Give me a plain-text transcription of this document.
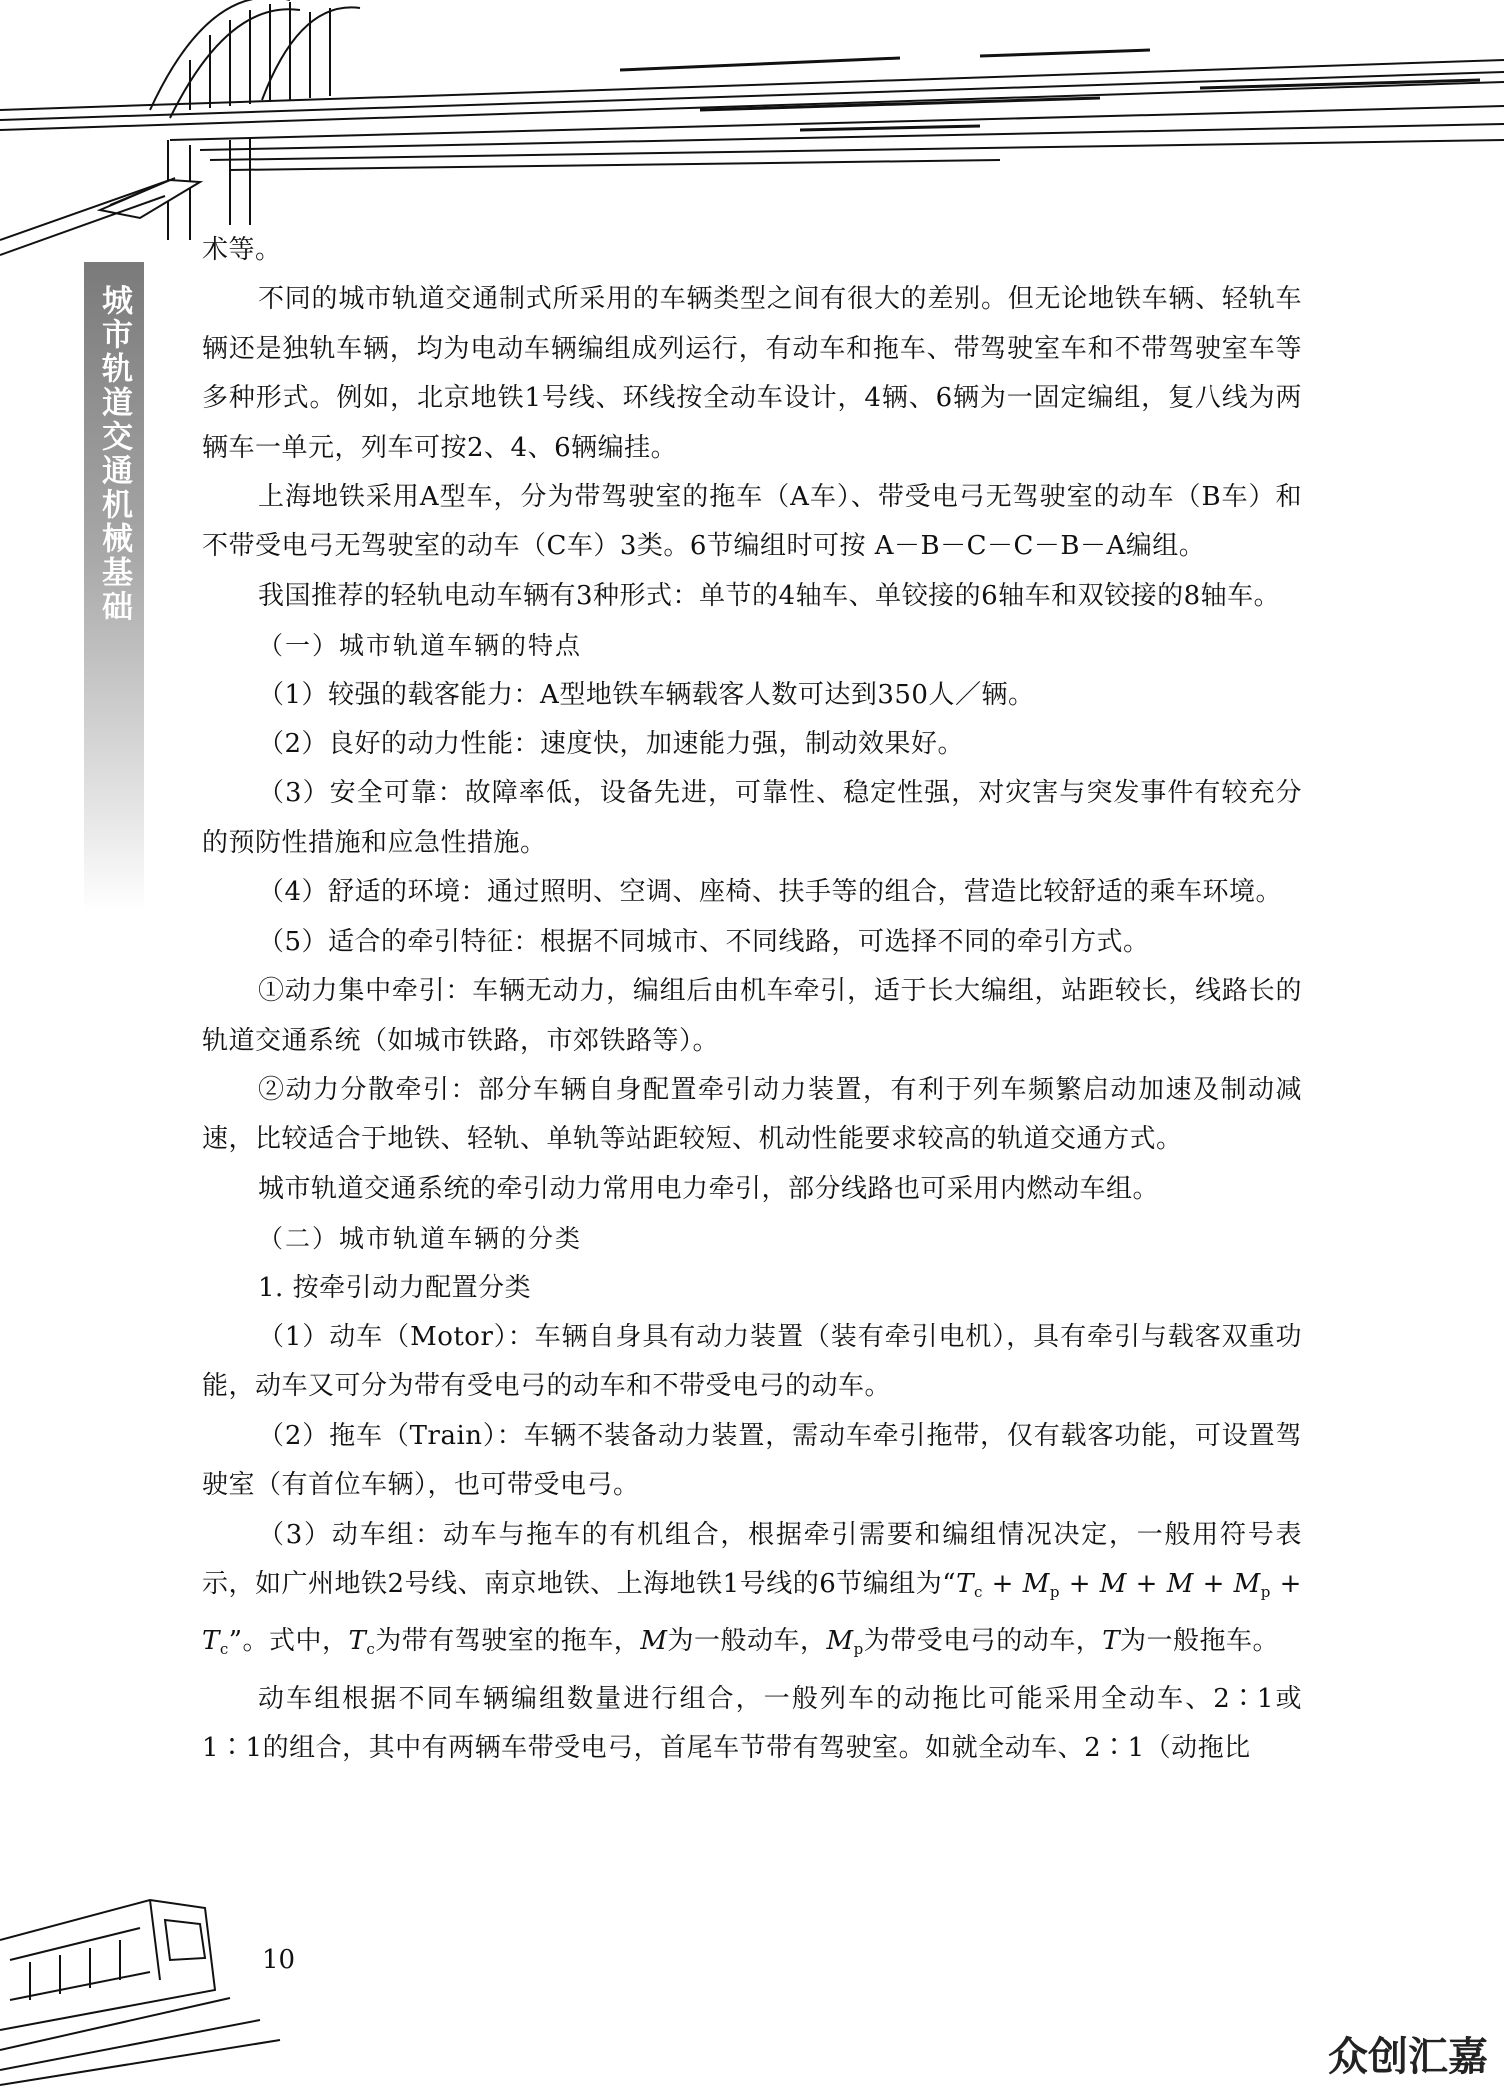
城市轨道交通机械基础

术等。

不同的城市轨道交通制式所采用的车辆类型之间有很大的差别。但无论地铁车辆、轻轨车辆还是独轨车辆，均为电动车辆编组成列运行，有动车和拖车、带驾驶室车和不带驾驶室车等多种形式。例如，北京地铁1号线、环线按全动车设计，4辆、6辆为一固定编组，复八线为两辆车一单元，列车可按2、4、6辆编挂。

上海地铁采用A型车，分为带驾驶室的拖车（A车）、带受电弓无驾驶室的动车（B车）和不带受电弓无驾驶室的动车（C车）3类。6节编组时可按 A－B－C－C－B－A编组。

我国推荐的轻轨电动车辆有3种形式：单节的4轴车、单铰接的6轴车和双铰接的8轴车。

（一）城市轨道车辆的特点

（1）较强的载客能力：A型地铁车辆载客人数可达到350人／辆。

（2）良好的动力性能：速度快，加速能力强，制动效果好。

（3）安全可靠：故障率低，设备先进，可靠性、稳定性强，对灾害与突发事件有较充分的预防性措施和应急性措施。

（4）舒适的环境：通过照明、空调、座椅、扶手等的组合，营造比较舒适的乘车环境。

（5）适合的牵引特征：根据不同城市、不同线路，可选择不同的牵引方式。

①动力集中牵引：车辆无动力，编组后由机车牵引，适于长大编组，站距较长，线路长的轨道交通系统（如城市铁路，市郊铁路等）。

②动力分散牵引：部分车辆自身配置牵引动力装置，有利于列车频繁启动加速及制动减速，比较适合于地铁、轻轨、单轨等站距较短、机动性能要求较高的轨道交通方式。

城市轨道交通系统的牵引动力常用电力牵引，部分线路也可采用内燃动车组。

（二）城市轨道车辆的分类

1. 按牵引动力配置分类

（1）动车（Motor）：车辆自身具有动力装置（装有牵引电机），具有牵引与载客双重功能，动车又可分为带有受电弓的动车和不带受电弓的动车。

（2）拖车（Train）：车辆不装备动力装置，需动车牵引拖带，仅有载客功能，可设置驾驶室（有首位车辆），也可带受电弓。

（3）动车组：动车与拖车的有机组合，根据牵引需要和编组情况决定，一般用符号表示，如广州地铁2号线、南京地铁、上海地铁1号线的6节编组为“$T_c + M_p + M + M + M_p + T_c$”。式中，$T_c$为带有驾驶室的拖车，M为一般动车，$M_p$为带受电弓的动车，T为一般拖车。

动车组根据不同车辆编组数量进行组合，一般列车的动拖比可能采用全动车、2∶1或1∶1的组合，其中有两辆车带受电弓，首尾车节带有驾驶室。如就全动车、2∶1（动拖比

10
众创汇嘉
